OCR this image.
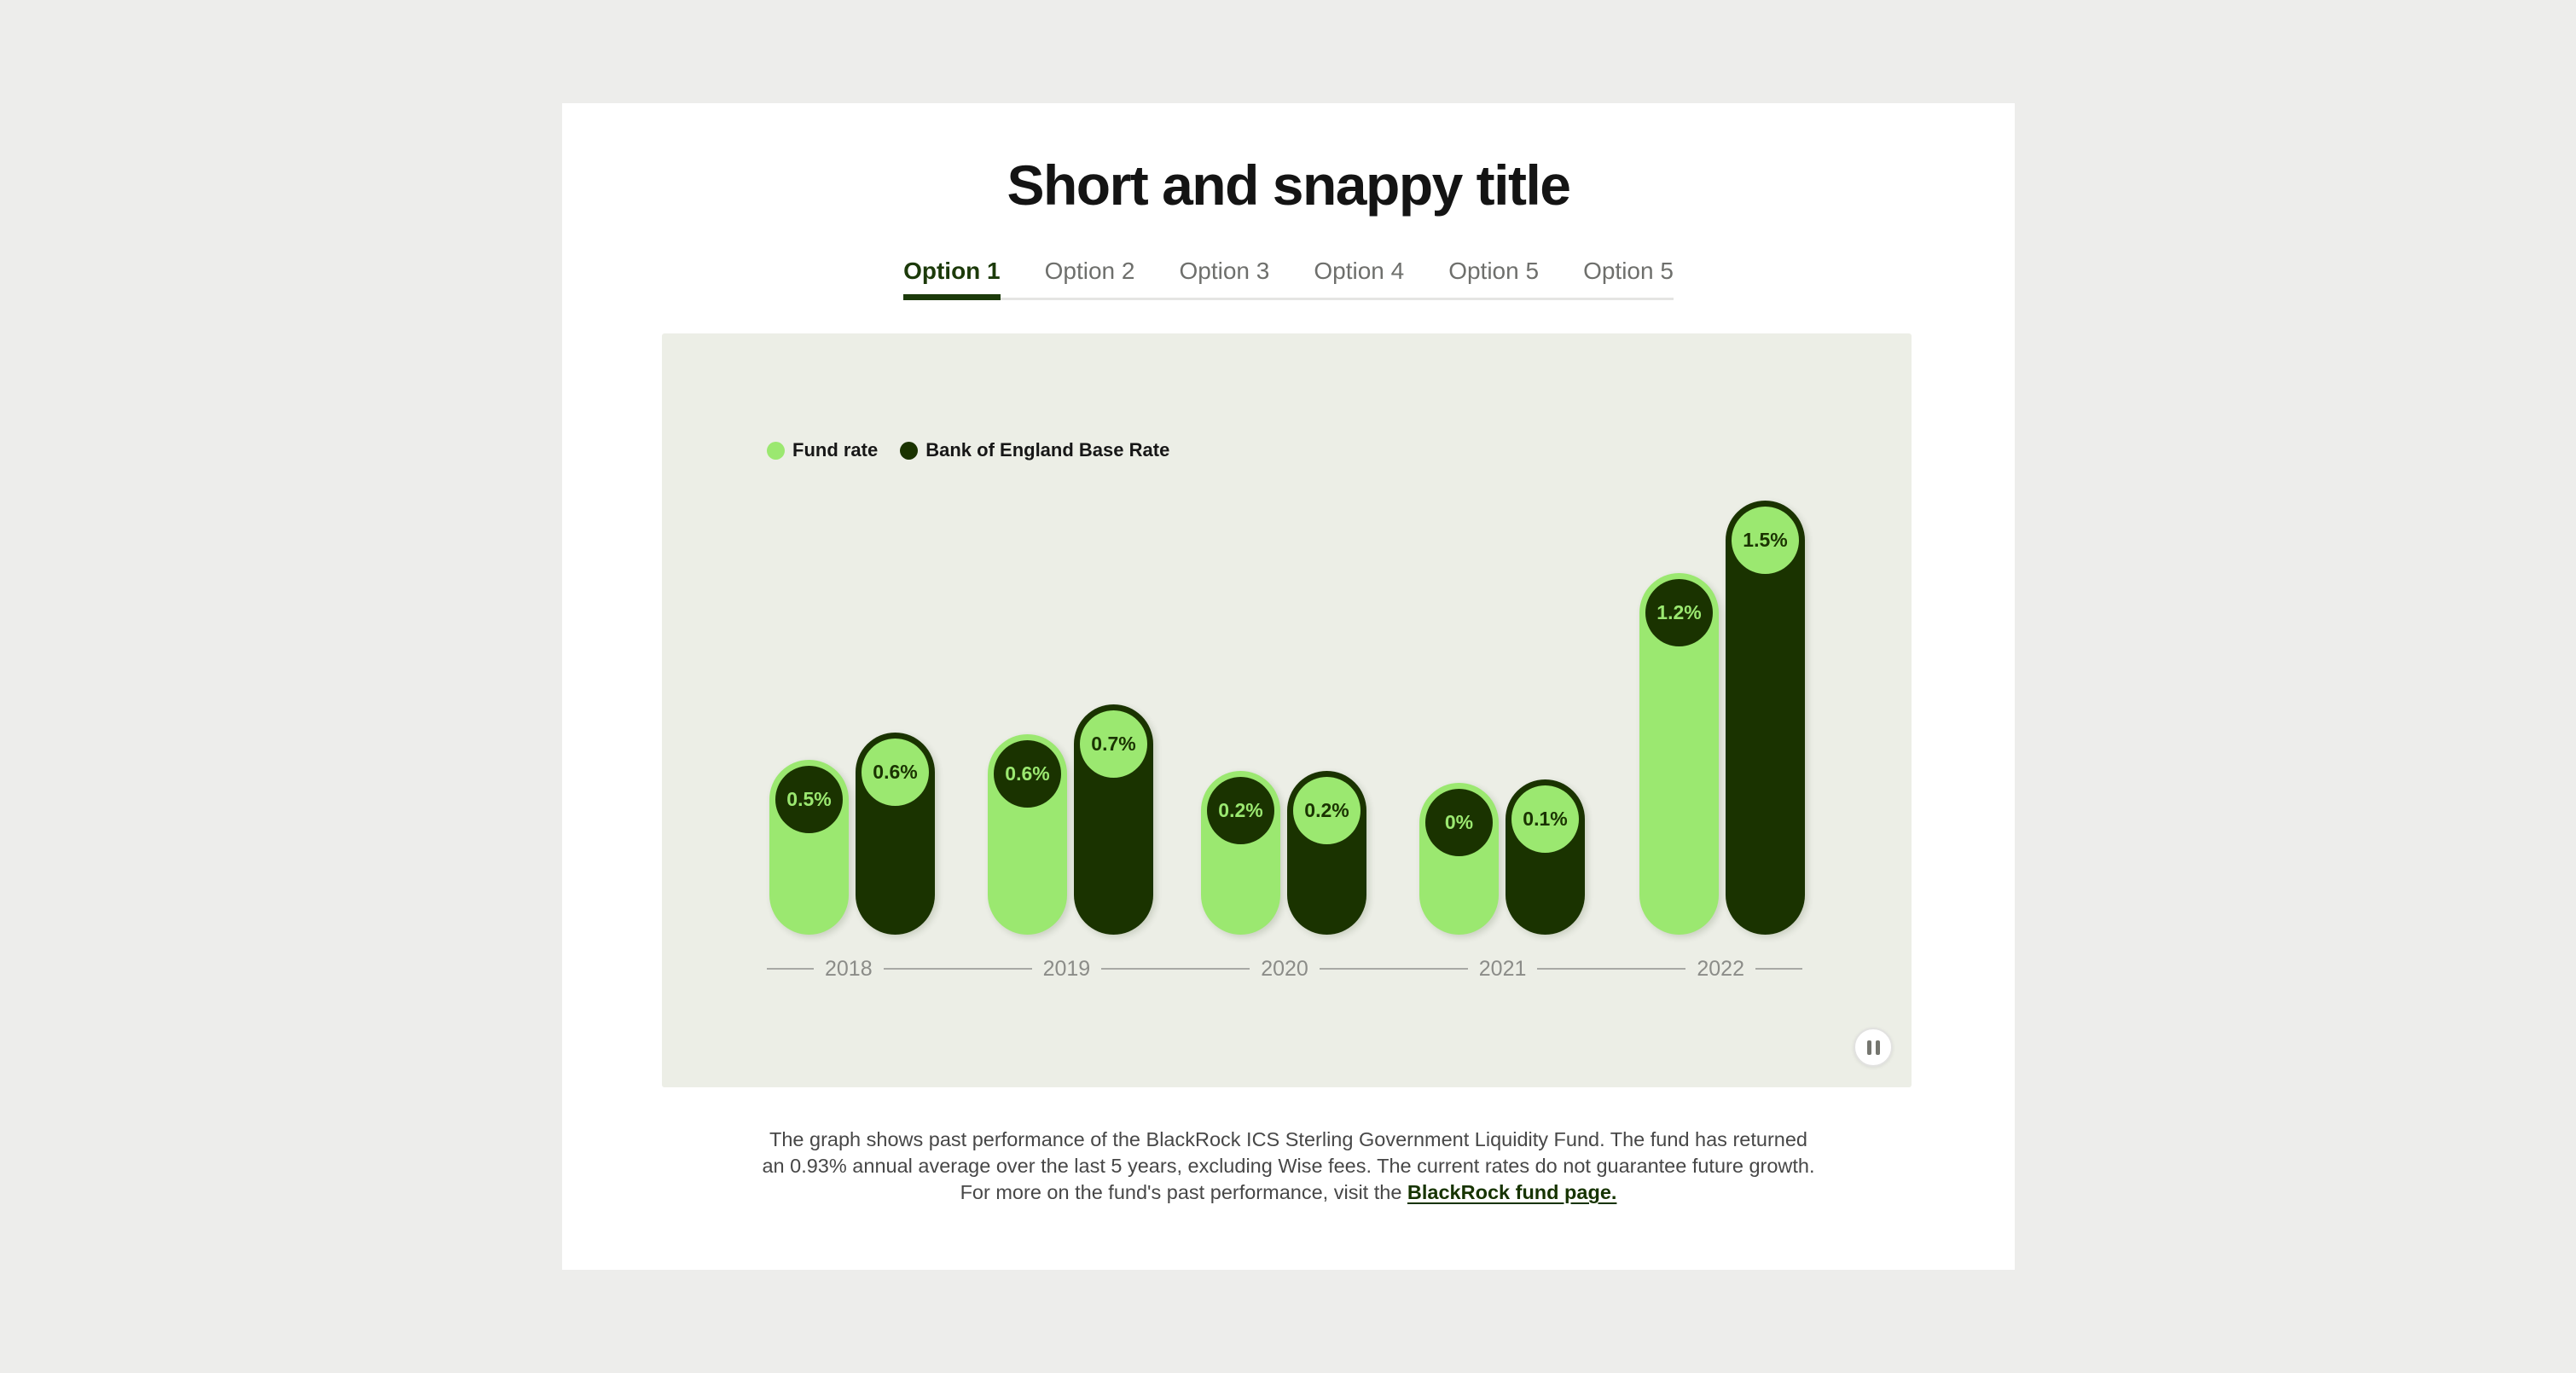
Short and snappy title
Option 1 Option 2 Option 3 Option 4 Option 5 Option 5
Fund rate	Bank of England Base Rate
0.5%
0.6%	0.6%
0.7%
0.2%	0.2%
0%	0.1%
1.2%
1.5%
2018	2019	2020	2021	2022
The graph shows past performance of the BlackRock ICS Sterling Government Liquidity Fund. The fund has returned
an 0.93% annual average over the last 5 years, excluding Wise fees. The current rates do not guarantee future growth.
For more on the fund's past performance, visit the BlackRock fund page.
